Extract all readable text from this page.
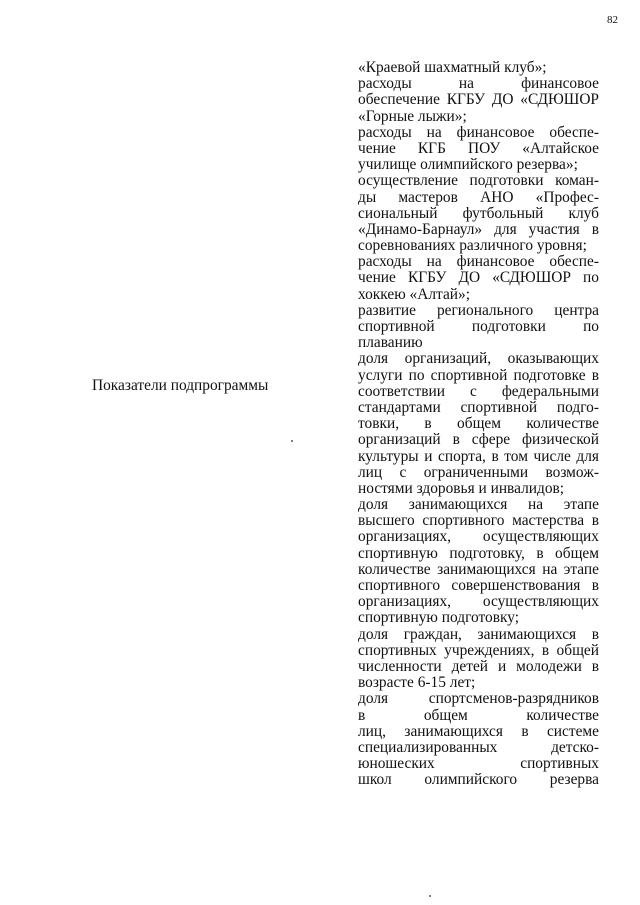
82
Показатели подпрограммы
«Краевой шахматный клуб»;
расходы на финансовое
обеспечение КГБУ ДО «СДЮШОР
«Горные лыжи»;
расходы на финансовое обеспе-
чение КГБ ПОУ «Алтайское
училище олимпийского резерва»;
осуществление подготовки коман-
ды мастеров АНО «Профес-
сиональный футбольный клуб
«Динамо-Барнаул» для участия в
соревнованиях различного уровня;
расходы на финансовое обеспе-
чение КГБУ ДО «СДЮШОР по
хоккею «Алтай»;
развитие регионального центра
спортивной подготовки по
плаванию
доля организаций, оказывающих
услуги по спортивной подготовке в
соответствии с федеральными
стандартами спортивной подго-
товки, в общем количестве
организаций в сфере физической
культуры и спорта, в том числе для
лиц с ограниченными возмож-
ностями здоровья и инвалидов;
доля занимающихся на этапе
высшего спортивного мастерства в
организациях, осуществляющих
спортивную подготовку, в общем
количестве занимающихся на этапе
спортивного совершенствования в
организациях, осуществляющих
спортивную подготовку;
доля граждан, занимающихся в
спортивных учреждениях, в общей
численности детей и молодежи в
возрасте 6-15 лет;
доля спортсменов-разрядников
в общем количестве
лиц, занимающихся в системе
специализированных детско-
юношеских спортивных
школ олимпийского резерва
